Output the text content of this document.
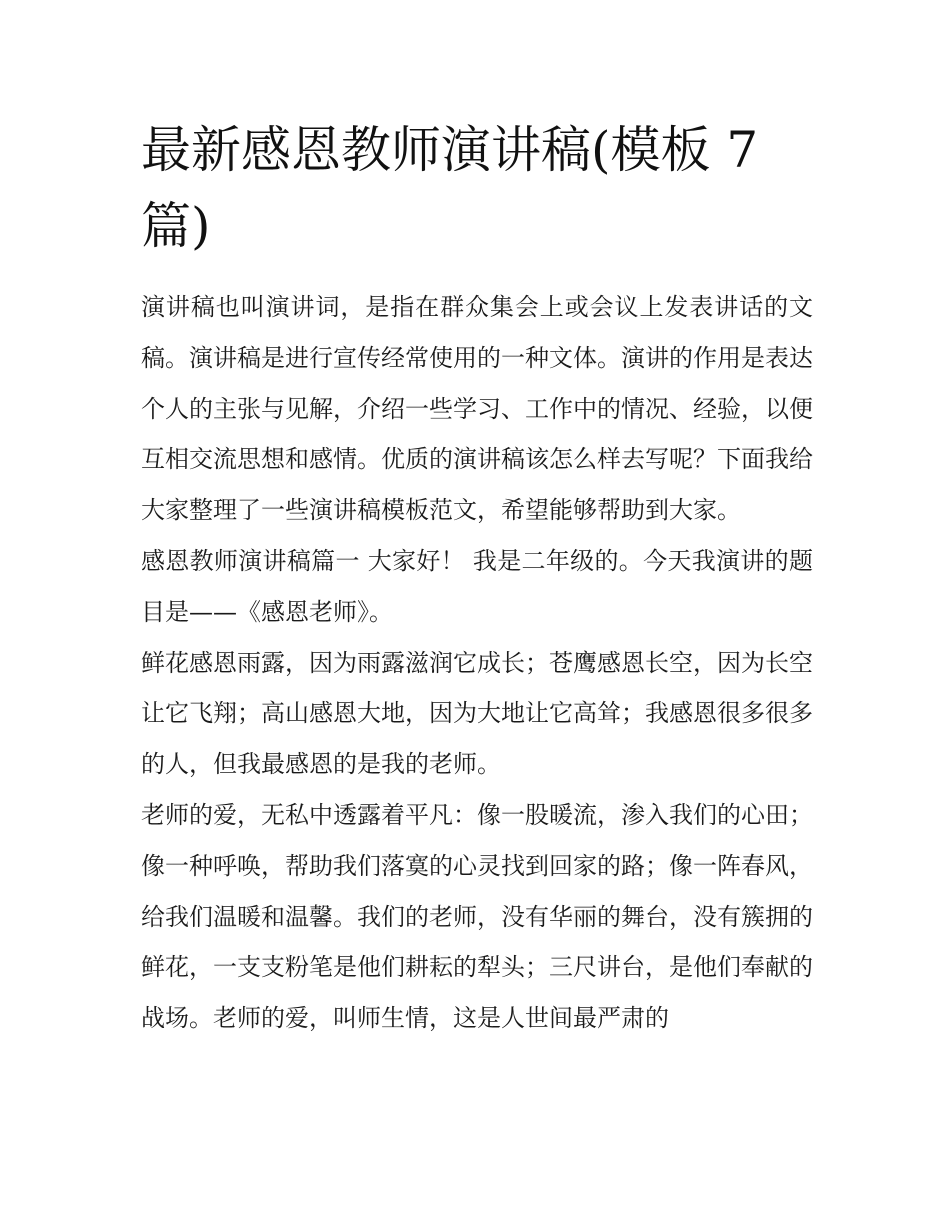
最新感恩教师演讲稿(模板 7 篇)

演讲稿也叫演讲词，是指在群众集会上或会议上发表讲话的文稿。演讲稿是进行宣传经常使用的一种文体。演讲的作用是表达个人的主张与见解，介绍一些学习、工作中的情况、经验，以便互相交流思想和感情。优质的演讲稿该怎么样去写呢？下面我给大家整理了一些演讲稿模板范文，希望能够帮助到大家。

感恩教师演讲稿篇一 大家好！ 我是二年级的。今天我演讲的题目是——《感恩老师》。

鲜花感恩雨露，因为雨露滋润它成长；苍鹰感恩长空，因为长空让它飞翔；高山感恩大地，因为大地让它高耸；我感恩很多很多的人，但我最感恩的是我的老师。

老师的爱，无私中透露着平凡：像一股暖流，渗入我们的心田；像一种呼唤，帮助我们落寞的心灵找到回家的路；像一阵春风，给我们温暖和温馨。我们的老师，没有华丽的舞台，没有簇拥的鲜花，一支支粉笔是他们耕耘的犁头；三尺讲台，是他们奉献的战场。老师的爱，叫师生情，这是人世间最严肃的
